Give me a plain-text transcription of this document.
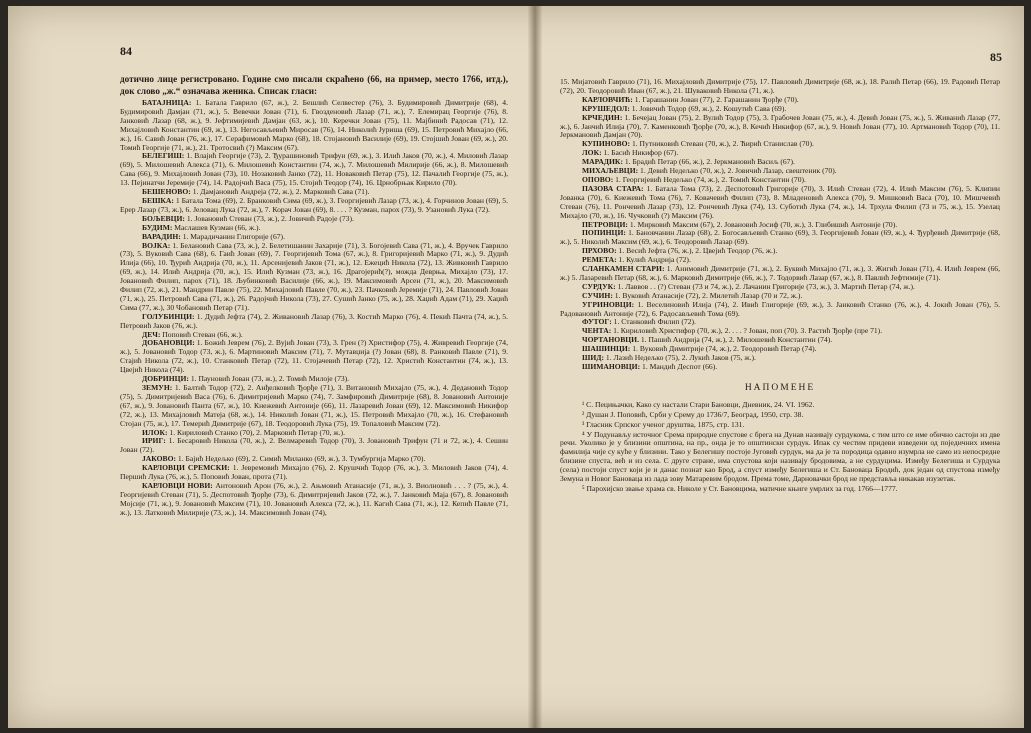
84
дотично лице регистровано. Године смо писали скраћено (66, на пример, место 1766, итд.), док слово „ж.“ означава женика. Списак гласи:

БАТАЈНИЦА: 1. Батала Гаврило (67, ж.), 2. Бешлић Селвестер (76), 3. Будимировић Димитрије (68), 4. Будимировић Дамјан (71, ж.), 5. Вевечки Јован (71), 6. Гвозденовић Лазар (71, ж.), 7. Елемирац Георгије (76), 8. Јанковић Лазар (68, ж.), 9. Јефтимијевић Дамјан (63, ж.), 10. Керечки Јован (75), 11. Мајбинић Радосав (71), 12. Михајловић Константин (69, ж.), 13. Негосављевић Миросав (76), 14. Николић Јуриша (69), 15. Петровић Михајло (66, ж.), 16. Савић Јован (76, ж.), 17. Серафимовић Марко (68), 18. Стојановић Василије (69), 19. Стојшић Јован (69, ж.), 20. Томић Георгије (71, ж.), 21. Тротосвић (?) Максим (67).

БЕЛЕГИШ: 1. Влајић Георгије (73), 2. Ђурашиновић Трифун (69, ж.), 3. Илић Јаков (70, ж.), 4. Миловић Лазар (69), 5. Милошевић Алекса (71), 6. Милошевић Константин (74, ж.), 7. Милошевић Милирије (66, ж.), 8. Милошевић Сава (66), 9. Михајловић Јован (73), 10. Нозаковић Јанко (72), 11. Новаковић Петар (75), 12. Пачалић Георгије (75, ж.), 13. Пејинатчи Јеремије (74), 14. Радојчић Васа (75), 15. Стојић Теодор (74), 16. Црнобрњак Кирило (70).

БЕШЕНОВО: 1. Дамјановић Андреја (72, ж.), 2. Марковић Сава (71).

БЕШКА: 1 Батала Тома (69), 2. Бранковић Сима (69, ж.), 3. Георгијевић Лазар (73, ж.), 4. Горчинов Јован (69), 5. Ерер Лазар (73, ж.), 6. Јеловац Лука (72, ж.), 7. Корач Јован (69), 8. . . . ? Кузман, парох (73), 9. Узановић Лука (72).

БОЉЕВЦИ: 1. Јовановић Стеван (73, ж.), 2. Јовичић Радоје (73).

БУДИМ: Маслашев Кузман (66, ж.).

ВАРАДИН: 1. Марадичанин Глигорије (67).

ВОЈКА: 1. Белановић Сава (73, ж.), 2. Белетишанин Захарије (71), 3. Богојевић Сава (71, ж.), 4. Вручек Гаврило (73), 5. Вуковић Сава (68), 6. Гаић Јован (69), 7. Георгијевић Тома (67, ж.), 8. Григоријевић Марко (71, ж.), 9. Дудић Илија (66), 10. Ђурић Андрија (70, ж.), 11. Арсенијевић Јаков (71, ж.), 12. Ежецић Никола (72), 13. Живковић Гаврило (69, ж.), 14. Илић Андрија (70, ж.), 15. Илић Кузман (73, ж.), 16. Драгојерић(?), можда Деврња, Михајло (73), 17. Јовановић Филип, парох (71), 18. Љубинковић Василије (66, ж.), 19. Максимовић Арсен (71, ж.), 20. Максимовић Филип (72, ж.), 21. Мандрин Павле (75), 22. Михајловић Павле (70, ж.), 23. Пачковић Јеремије (71), 24. Павловић Јован (71, ж.), 25. Петровић Сава (71, ж.), 26. Радојчић Никола (73), 27. Сушић Јанко (75, ж.), 28. Хаџић Адам (71), 29. Хаџић Сима (77, ж.), 30 Чобановић Петар (71).

ГОЛУБИНЦИ: 1. Дудић Јефта (74), 2. Живановић Лазар (76), 3. Костић Марко (76), 4. Пекић Пачта (74, ж.), 5. Петровић Јаков (76, ж.).

ДЕЧ: Поповић Стеван (66, ж.).

ДОБАНОВЦИ: 1. Божић Јеврем (76), 2. Вујић Јован (73), 3. Грен (?) Христифор (75), 4. Живревић Георгије (74, ж.), 5. Јовановић Тодор (73, ж.), 6. Мартиновић Максим (71), 7. Мутавџија (?) Јован (68), 8. Ранковић Павле (71), 9. Стајић Никола (72, ж.), 10. Станковић Петар (72), 11. Стојачевић Петар (72), 12. Христић Константин (74, ж.), 13. Цвејић Никола (74).

ДОБРИНЦИ: 1. Пауновић Јован (73, ж.), 2. Томић Милоје (73).

ЗЕМУН: 1. Балтић Тодор (72), 2. Анђелковић Ђорђе (71), 3. Витановић Михајло (75, ж.), 4. Дедановић Тодор (75), 5. Димитријевић Васа (76), 6. Димитријевић Марко (74), 7. Замфировић Димитрије (68), 8. Јовановић Антоније (67, ж.), 9. Јовановић Панта (67, ж.), 10. Кнежевић Антоније (66), 11. Лазаревић Јован (69), 12. Максимовић Никифор (72, ж.), 13. Михајловић Матеја (68, ж.), 14. Николић Јован (71, ж.), 15. Петровић Михајло (70, ж.), 16. Стефановић Стојан (75, ж.), 17. Темерић Димитрије (67), 18. Теодоровић Лука (75), 19. Топаловић Максим (72).

ИЛОК: 1. Кириловић Станко (70), 2. Марковић Петар (70, ж.).

ИРИГ: 1. Бесаровић Никола (70, ж.), 2. Велмаревић Тодор (70), 3. Јовановић Трифун (71 и 72, ж.), 4. Сешин Јован (72).

ЈАКОВО: 1. Бајић Недељко (69), 2. Симић Миланко (69, ж.), 3. Тумбургија Марко (70).

КАРЛОВЦИ СРЕМСКИ: 1. Јевремовић Михајло (76), 2. Крушчић Тодор (76, ж.), 3. Миловић Јаков (74), 4. Першић Лука (76, ж.), 5. Поповић Јован, прота (71).

КАРЛОВЦИ НОВИ: Антоновић Арон (76, ж.), 2. Ањмовић Атанасије (71, ж.), 3. Виолновић . . . ? (75, ж.), 4. Георгијевић Стеван (71), 5. Деспотовић Ђорђе (73), 6. Димитријевић Јаков (72, ж.), 7. Јанковић Маја (67), 8. Јовановић Мојсије (71, ж.), 9. Јовановић Максим (71), 10. Јовановић Алекса (72, ж.), 11. Кагић Сава (71, ж.), 12. Кепић Павле (71, ж.), 13. Латковић Милирије (73, ж.), 14. Максимовић Јован (74),

85

15. Мијатовић Гаврило (71), 16. Михајловић Димитрије (75), 17. Павловић Димитрије (68, ж.), 18. Ралић Петар (66), 19. Радовић Петар (72), 20. Теодоровић Иван (67, ж.), 21. Шуваковић Никола (71, ж.).

КАРЛОВЧИЋ: 1. Гарашанин Јован (77), 2. Гарашанин Ђорђе (70).

КРУШЕДОЛ: 1. Јовичић Тодор (69, ж.), 2. Кошутић Сава (69).

КРЧЕДИН: 1. Бечејац Јован (75), 2. Вулић Тодор (75), 3. Грабочев Јован (75, ж.), 4. Девић Јован (75, ж.), 5. Живанић Лазар (77, ж.), 6. Јанчић Илија (70), 7. Каменковић Ђорђе (70, ж.), 8. Кечић Никифор (67, ж.), 9. Новић Јован (77), 10. Артмановић Тодор (70), 11. Јеркмановић Дамјан (70).

КУПИНОВО: 1. Путниковић Стеван (70, ж.), 2. Ћирић Станислав (70).

ЛОК: 1. Басић Никифор (67).

МАРАДИК: 1. Брадић Петар (66, ж.), 2. Јеркмановић Васиљ (67).

МИХАЉЕВЦИ: 1. Девић Недељко (70, ж.), 2. Јовичић Лазар, свештеник (70).

ОПОВО: 1. Георгијевић Недељко (74, ж.), 2. Томић Константин (70).

ПАЗОВА СТАРА: 1. Батала Тома (73), 2. Деспотовић Григорије (70), 3. Илић Стеван (72), 4. Илић Максим (76), 5. Клипин Јованка (70), 6. Кнежевић Тома (76), 7. Ковачевић Филип (73), 8. Младеновић Алекса (70), 9. Мишковић Васа (70), 10. Мишчевић Стеван (76), 11. Рончевић Лазар (73), 12. Рончевић Лука (74), 13. Суботић Лука (74, ж.), 14. Трхула Филип (73 и 75, ж.), 15. Узелац Михајло (70, ж.), 16. Чучковић (?) Максим (76).

ПЕТРОВЦИ: 1. Мирковић Максим (67), 2. Јовановић Јосиф (70, ж.), 3. Глибишић Антоније (70).

ПОПИНЦИ: 1. Бановчанин Лазар (68), 2. Богосављевић Станко (69), 3. Георгијевић Јован (69, ж.), 4. Ђурђевић Димитрије (68, ж.), 5. Николић Максим (69, ж.), 6. Теодоровић Лазар (69).

ПРХОВО: 1. Весић Јефта (76, ж.), 2. Цвејић Теодор (76, ж.).

РЕМЕТА: 1. Кулић Андрија (72).

СЛАНКАМЕН СТАРИ: 1. Анимовић Димитрије (71, ж.), 2. Буквић Михајло (71, ж.), 3. Жигић Јован (71), 4. Илић Јеврем (66, ж.) 5. Лазаревић Петар (68, ж.), 6. Марковић Димитрије (66, ж.), 7. Тодорвић Лазар (67, ж.), 8. Павлић Јефтимије (71).

СУРДУК: 1. Лаввов . . (?) Стеван (73 и 74, ж.), 2. Лачанин Григорије (73, ж.), 3. Мартић Петар (74, ж.).

СУЧИН: 1. Вуковић Атанасије (72), 2. Милетић Лазар (70 и 72, ж.).

УГРИНОВЦИ: 1. Веселиновић Илија (74), 2. Ивић Глигорије (69, ж.), 3. Јанковић Станко (76, ж.), 4. Јокић Јован (76), 5. Радовановић Антоније (72), 6. Радосављевић Тома (69).

ФУТОГ: 1. Станковић Филип (72).

ЧЕНТА: 1. Кириловић Христифор (70, ж.), 2. . . . ? Јован, поп (70). 3. Растић Ђорђе (пре 71).

ЧОРТАНОВЦИ. 1. Пашић Андрија (74, ж.), 2. Милошевић Константин (74).

ШАШИНЦИ: 1. Вуковић Димитрије (74, ж.), 2. Теодоровић Петар (74).

ШИД: 1. Лазић Недељко (75), 2. Лукић Јаков (75, ж.).

ШИМАНОВЦИ: 1. Мандић Деспот (66).

НАПОМЕНЕ

¹ С. Пецињачки, Како су настали Стари Бановци, Дневник, 24. VI. 1962.

² Душан Ј. Поповић, Срби у Срему до 1736/7, Београд, 1950, стр. 38.

³ Гласник Српског ученог друштва, 1875, стр. 131.

⁴ У Подунављу источног Срема природне спустове с брега на Дунав називају сурдукома, с тим што се име обично састоји из две речи. Уколико је у близини општина, на пр., онда је то општински сурдук. Ипак су честим придеви изведени од поједичних имена фамилија чије су куће у близини. Тако у Белегишу постоје Југовић сурдук, ма да је та породица одавно изумрла не само из непосредне близине спуста, већ и из села. С друге стране, има спустова који називају бродовима, а не сурдуцима. Између Белегиша и Сурдука (села) постоји спуст који је и данас познат као Брод, а спуст између Белегиша и Ст. Бановаца Бродић, док један од спустова између Земуна и Новог Бановаца из лада зову Матаревим бродом. Према томе, Дарновачки брод не представља никакав изузетак.

⁵ Парохијско звање храма св. Николе у Ст. Бановцима, матичне књиге умрлих за год. 1766—1777.
